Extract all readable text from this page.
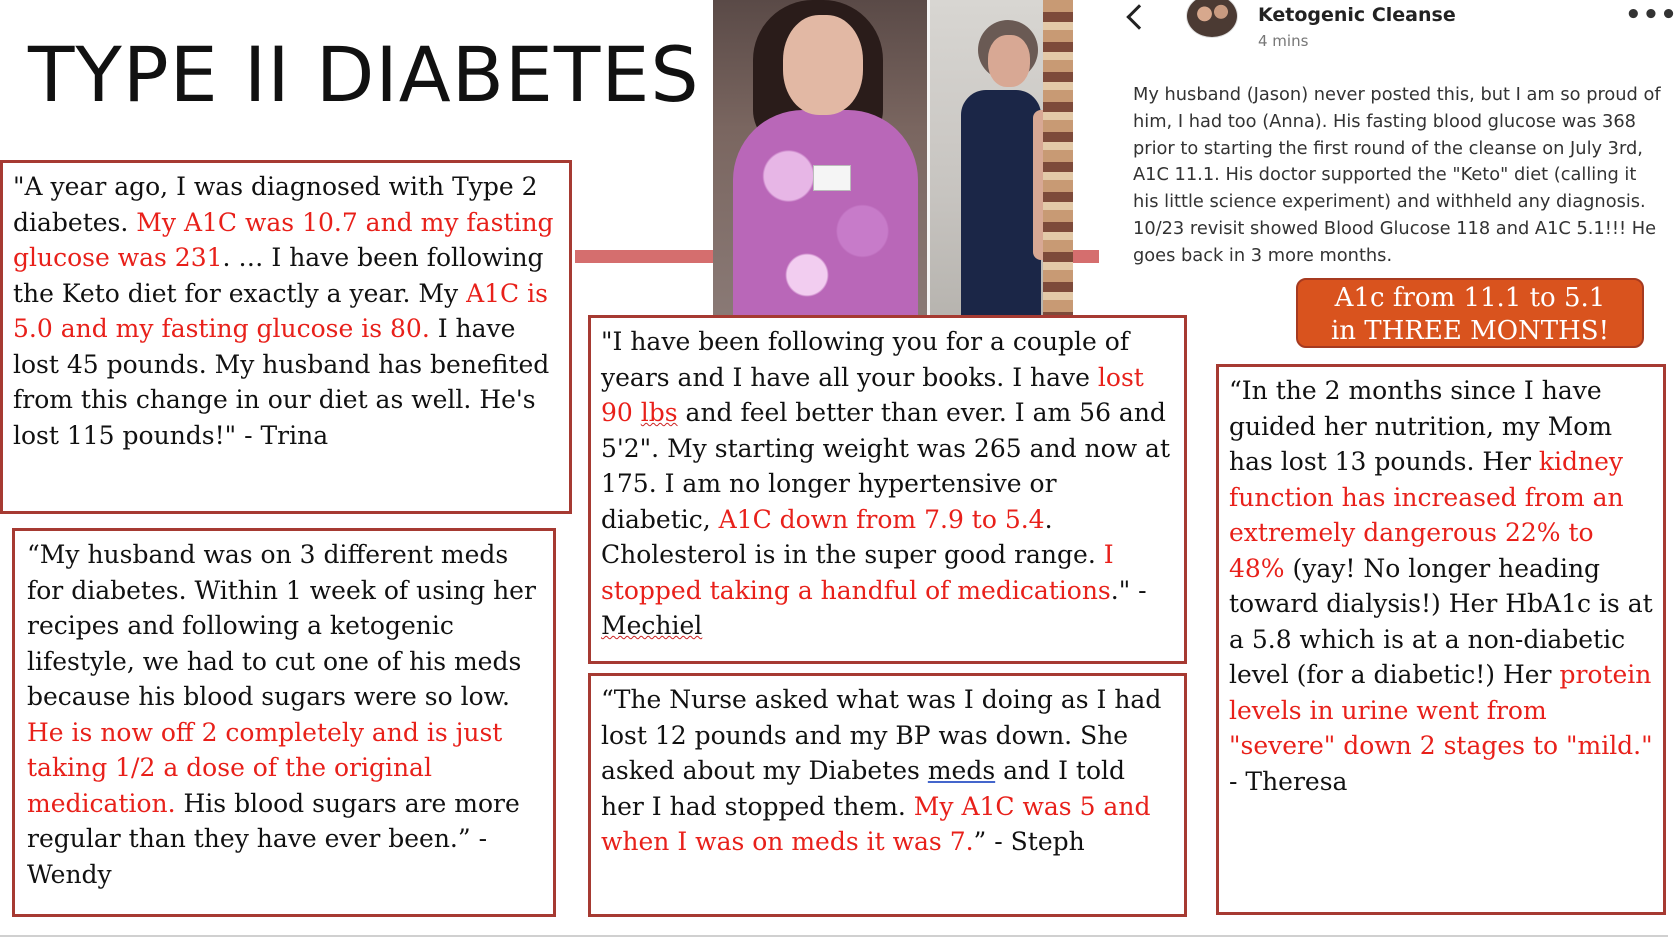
TYPE II DIABETES
Ketogenic Cleanse
4 mins
•••
My husband (Jason) never posted this, but I am so proud of him, I had too (Anna). His fasting blood glucose was 368 prior to starting the first round of the cleanse on July 3rd, A1C 11.1. His doctor supported the "Keto" diet (calling it his little science experiment) and withheld any diagnosis. 10/23 revisit showed Blood Glucose 118 and A1C 5.1!!! He goes back in 3 more months.
A1c from 11.1 to 5.1
in THREE MONTHS!
"A year ago, I was diagnosed with Type 2 diabetes. My A1C was 10.7 and my fasting glucose was 231. … I have been following the Keto diet for exactly a year. My A1C is 5.0 and my fasting glucose is 80. I have lost 45 pounds. My husband has benefited from this change in our diet as well. He's lost 115 pounds!" - Trina
“My husband was on 3 different meds for diabetes. Within 1 week of using her recipes and following a ketogenic lifestyle, we had to cut one of his meds because his blood sugars were so low. He is now off 2 completely and is just taking 1/2 a dose of the original medication. His blood sugars are more regular than they have ever been.” - Wendy
"I have been following you for a couple of years and I have all your books. I have lost 90 lbs and feel better than ever. I am 56 and 5'2". My starting weight was 265 and now at 175. I am no longer hypertensive or diabetic, A1C down from 7.9 to 5.4. Cholesterol is in the super good range. I stopped taking a handful of medications." - Mechiel
“The Nurse asked what was I doing as I had lost 12 pounds and my BP was down. She asked about my Diabetes meds and I told her I had stopped them. My A1C was 5 and when I was on meds it was 7.” - Steph
“In the 2 months since I have guided her nutrition, my Mom has lost 13 pounds. Her kidney function has increased from an extremely dangerous 22% to 48% (yay! No longer heading toward dialysis!) Her HbA1c is at a 5.8 which is at a non-diabetic level (for a diabetic!) Her protein levels in urine went from "severe" down 2 stages to "mild." - Theresa
